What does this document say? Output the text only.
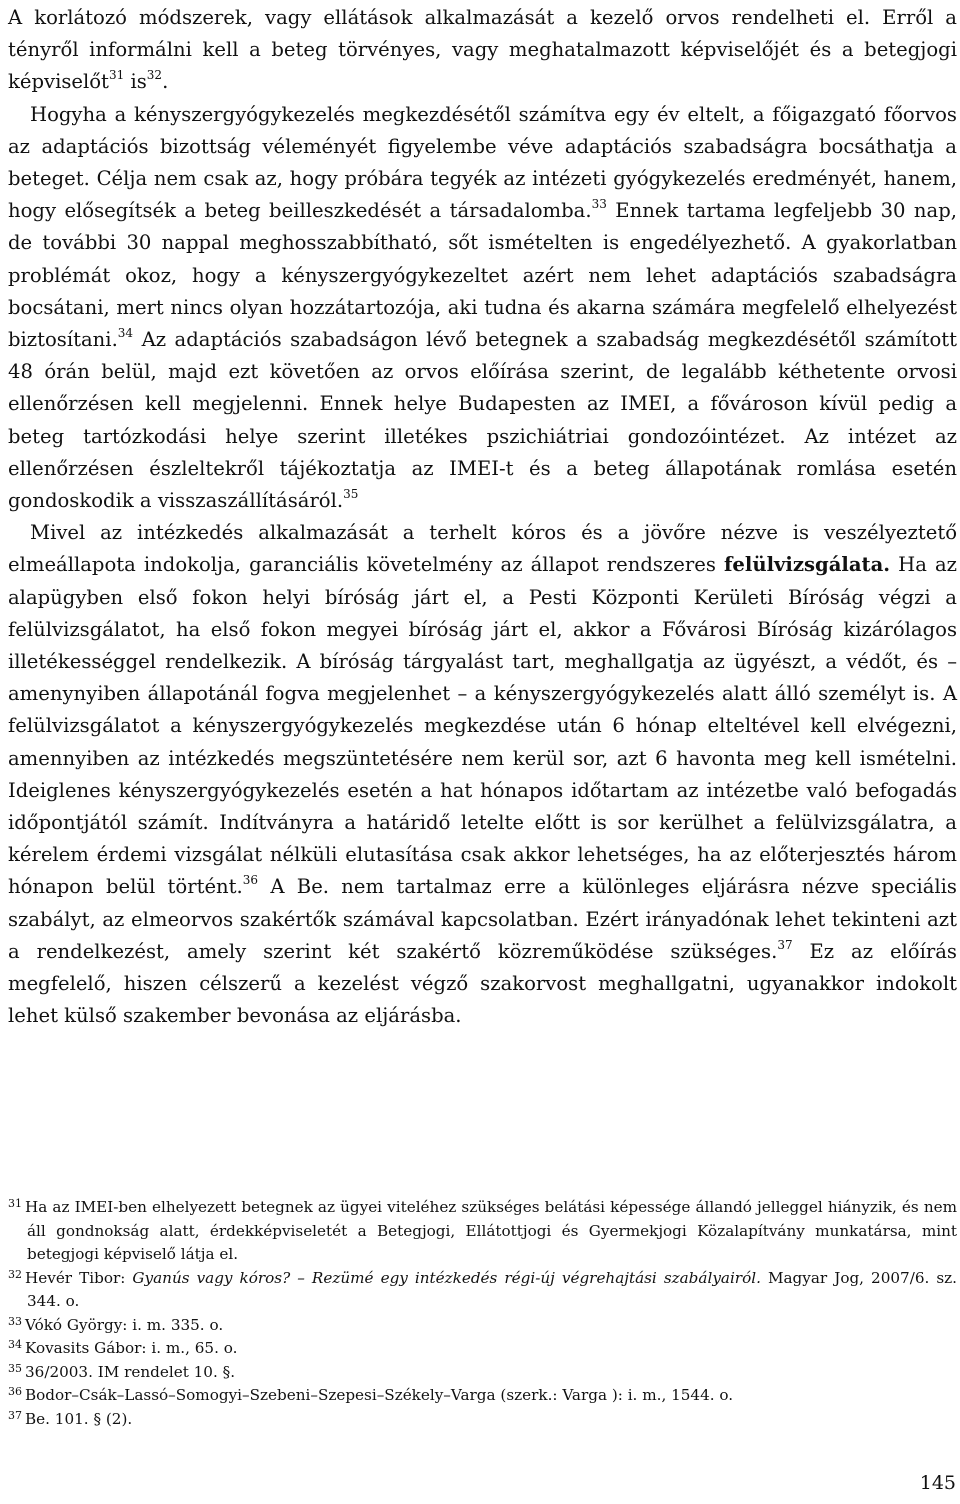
A korlátozó módszerek, vagy ellátások alkalmazását a kezelő orvos rendelheti el. Erről a tényről informálni kell a beteg törvényes, vagy meghatalmazott képviselőjét és a betegjogi képviselőt$^{31}$ $is^{32}$.

Hogyha a kényszergyógykezelés megkezdésétől számítva egy év eltelt, a főigazgató főorvos az adaptációs bizottság véleményét figyelembe véve adaptációs szabadságra bocsáthatja a beteget. Célja nem csak az, hogy próbára tegyék az intézeti gyógykezelés eredményét, hanem, hogy elősegítsék a beteg beilleszkedését a társadalomba.$^{33}$ Ennek tartama legfeljebb 30 nap, de további 30 nappal meghosszabbítható, sőt ismételten is engedélyezhető. A gyakorlatban problémát okoz, hogy a kényszergyógykezeltet azért nem lehet adaptációs szabadságra bocsátani, mert nincs olyan hozzátartozója, aki tudna és akarna számára megfelelő elhelyezést biztosítani.$^{34}$ Az adaptációs szabadságon lévő betegnek a szabadság megkezdésétől számított 48 órán belül, majd ezt követően az orvos előírása szerint, de legalább kéthetente orvosi ellenőrzésen kell megjelenni. Ennek helye Budapesten az IMEI, a fővároson kívül pedig a beteg tartózkodási helye szerint illetékes pszichiátriai gondozóintézet. Az intézet az ellenőrzésen észleltekről tájékoztatja az IMEI-t és a beteg állapotának romlása esetén gondoskodik a visszaszállításáról.$^{35}$

Mivel az intézkedés alkalmazását a terhelt kóros és a jövőre nézve is veszélyeztető elmeállapota indokolja, garanciális követelmény az állapot rendszeres felülvizsgálata. Ha az alapügyben első fokon helyi bíróság járt el, a Pesti Központi Kerületi Bíróság végzi a felülvizsgálatot, ha első fokon megyei bíróság járt el, akkor a Fővárosi Bíróság kizárólagos illetékességgel rendelkezik. A bíróság tárgyalást tart, meghallgatja az ügyészt, a védőt, és – amenynyiben állapotánál fogva megjelenhet – a kényszergyógykezelés alatt álló személyt is. A felülvizsgálatot a kényszergyógykezelés megkezdése után 6 hónap elteltével kell elvégezni, amennyiben az intézkedés megszüntetésére nem kerül sor, azt 6 havonta meg kell ismételni. Ideiglenes kényszergyógykezelés esetén a hat hónapos időtartam az intézetbe való befogadás időpontjától számít. Indítványra a határidő letelte előtt is sor kerülhet a felülvizsgálatra, a kérelem érdemi vizsgálat nélküli elutasítása csak akkor lehetséges, ha az előterjesztés három hónapon belül történt.$^{36}$ A Be. nem tartalmaz erre a különleges eljárásra nézve speciális szabályt, az elmeorvos szakértők számával kapcsolatban. Ezért irányadónak lehet tekinteni azt a rendelkezést, amely szerint két szakértő közreműködése szükséges.$^{37}$ Ez az előírás megfelelő, hiszen célszerű a kezelést végző szakorvost meghallgatni, ugyanakkor indokolt lehet külső szakember bevonása az eljárásba.

31 Ha az IMEI-ben elhelyezett betegnek az ügyei viteléhez szükséges belátási képessége állandó jelleggel hiányzik, és nem áll gondnokság alatt, érdekképviseletét a Betegjogi, Ellátottjogi és Gyermekjogi Közalapítvány munkatársa, mint betegjogi képviselő látja el.

32 Hevér Tibor: Gyanús vagy kóros? – Rezümé egy intézkedés régi-új végrehajtási szabályairól. Magyar Jog, 2007/6. sz. 344. o.

33 Vókó György: i. m. 335. o.

34 Kovasits Gábor: i. m., 65. o.

35 36/2003. IM rendelet 10. §.

36 Bodor–Csák–Lassó–Somogyi–Szebeni–Szepesi–Székely–Varga (szerk.: Varga ): i. m., 1544. o.

37 Be. 101. § (2).

145
